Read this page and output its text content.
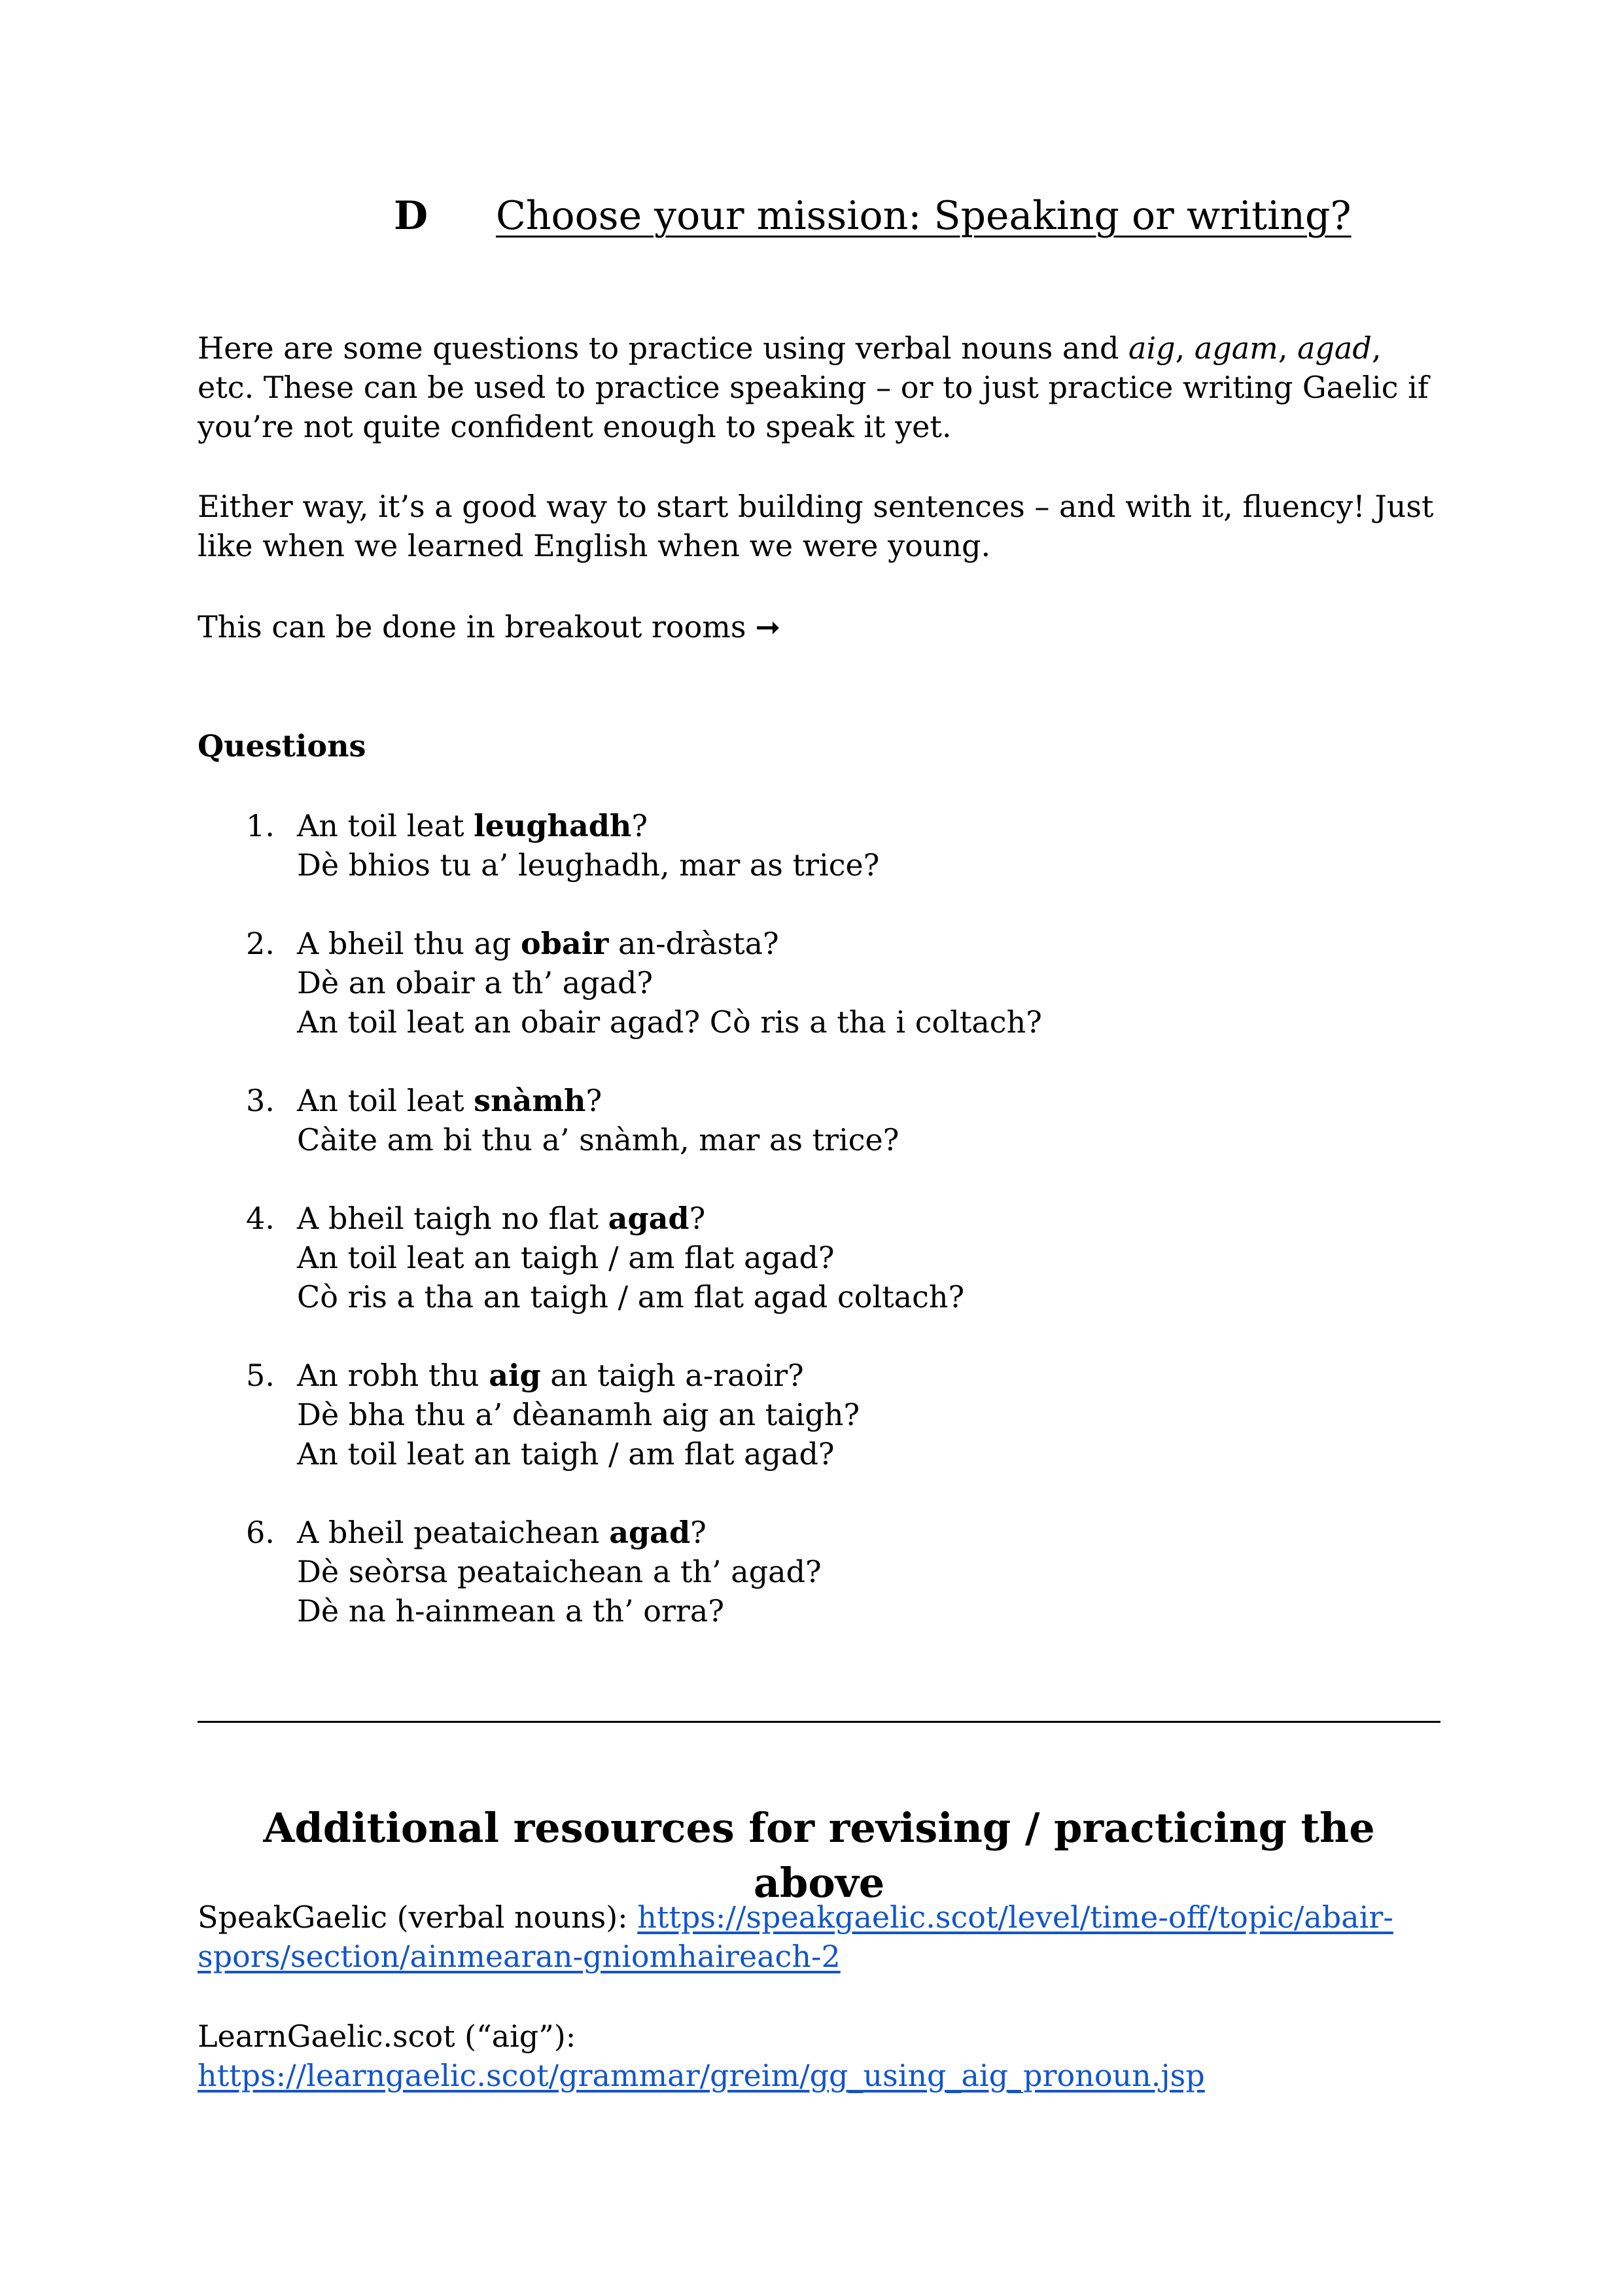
D Choose your mission: Speaking or writing?

Here are some questions to practice using verbal nouns and aig, agam, agad, etc. These can be used to practice speaking – or to just practice writing Gaelic if you’re not quite confident enough to speak it yet.

Either way, it’s a good way to start building sentences – and with it, fluency! Just like when we learned English when we were young.

This can be done in breakout rooms ➞

Questions
1. An toil leat leughadh?
Dè bhios tu a’ leughadh, mar as trice?
2. A bheil thu ag obair an-dràsta?
Dè an obair a th’ agad?
An toil leat an obair agad? Cò ris a tha i coltach?
3. An toil leat snàmh?
Càite am bi thu a’ snàmh, mar as trice?
4. A bheil taigh no flat agad?
An toil leat an taigh / am flat agad?
Cò ris a tha an taigh / am flat agad coltach?
5. An robh thu aig an taigh a-raoir?
Dè bha thu a’ dèanamh aig an taigh?
An toil leat an taigh / am flat agad?
6. A bheil peataichean agad?
Dè seòrsa peataichean a th’ agad?
Dè na h-ainmean a th’ orra?
Additional resources for revising / practicing the above

SpeakGaelic (verbal nouns): https://speakgaelic.scot/level/time-off/topic/abair-
spors/section/ainmearan-gniomhaireach-2

LearnGaelic.scot (“aig”):
https://learngaelic.scot/grammar/greim/gg_using_aig_pronoun.jsp
